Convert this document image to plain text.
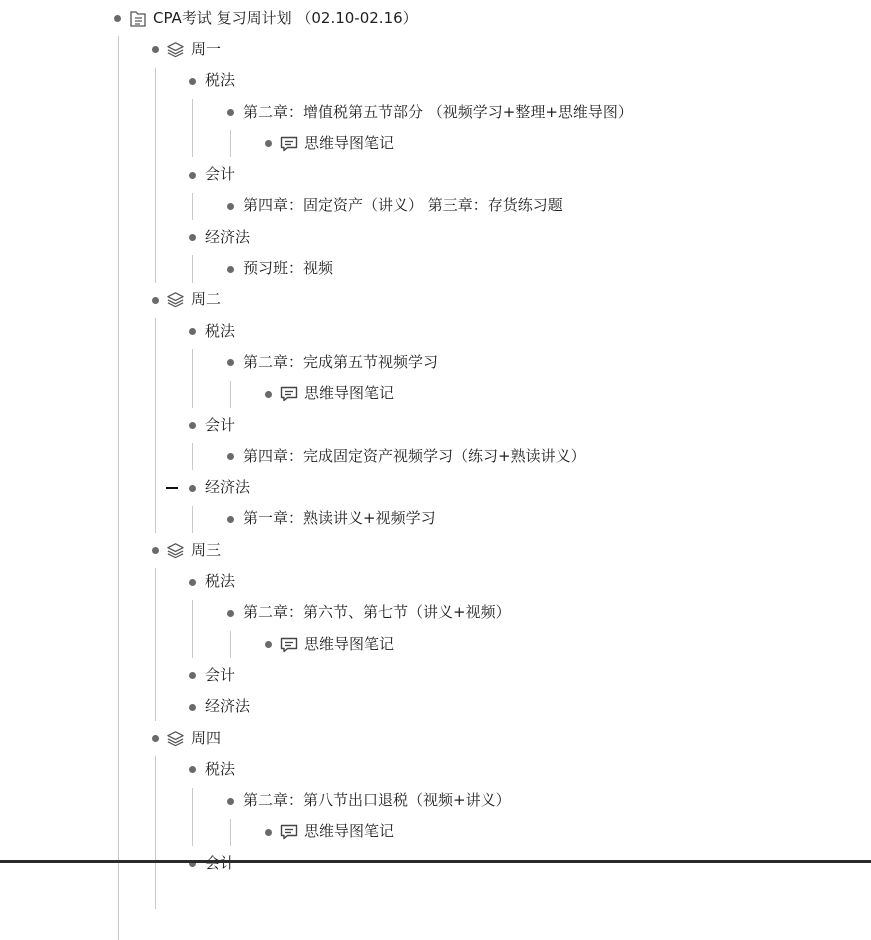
CPA考试 复习周计划 （02.10-02.16）
周一
税法
第二章：增值税第五节部分 （视频学习+整理+思维导图）
思维导图笔记
会计
第四章：固定资产（讲义） 第三章：存货练习题
经济法
预习班：视频
周二
税法
第二章：完成第五节视频学习
思维导图笔记
会计
第四章：完成固定资产视频学习（练习+熟读讲义）
经济法
第一章：熟读讲义+视频学习
周三
税法
第二章：第六节、第七节（讲义+视频）
思维导图笔记
会计
经济法
周四
税法
第二章：第八节出口退税（视频+讲义）
思维导图笔记
